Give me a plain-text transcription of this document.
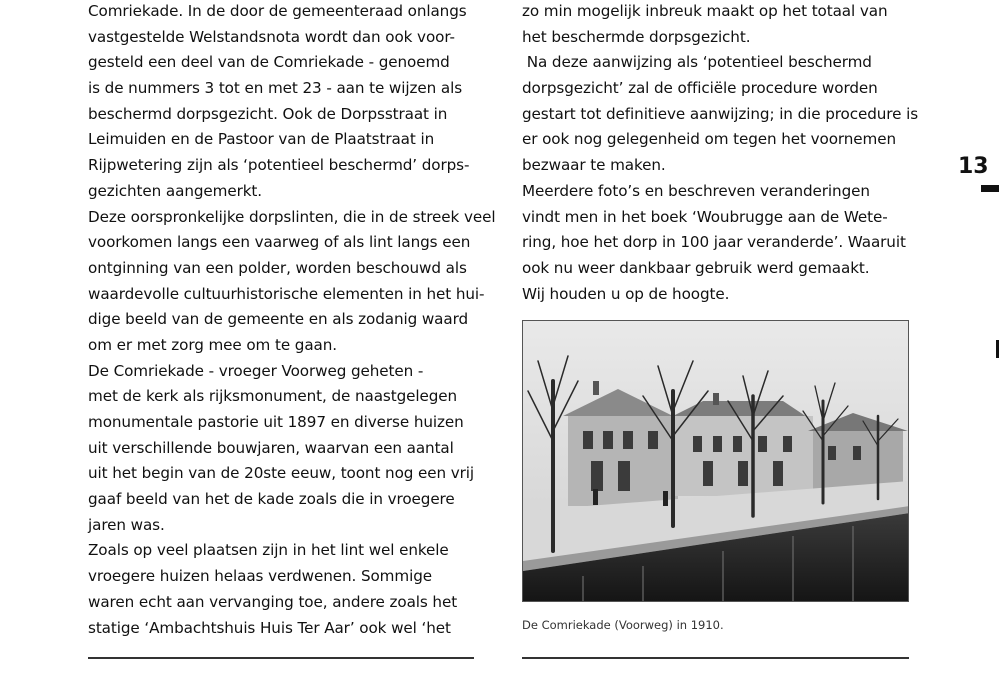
Comriekade. In de door de gemeenteraad onlangs
vastgestelde Welstandsnota wordt dan ook voor-
gesteld een deel van de Comriekade - genoemd
is de nummers 3 tot en met 23 - aan te wijzen als
beschermd dorpsgezicht. Ook de Dorpsstraat in
Leimuiden en de Pastoor van de Plaatstraat in
Rijpwetering zijn als ‘potentieel beschermd’ dorps-
gezichten aangemerkt.
Deze oorspronkelijke dorpslinten, die in de streek veel
voorkomen langs een vaarweg of als lint langs een
ontginning van een polder, worden beschouwd als
waardevolle cultuurhistorische elementen in het hui-
dige beeld van de gemeente en als zodanig waard
om er met zorg mee om te gaan.
De Comriekade - vroeger Voorweg geheten -
met de kerk als rijksmonument, de naastgelegen
monumentale pastorie uit 1897 en diverse huizen
uit verschillende bouwjaren, waarvan een aantal
uit het begin van de 20ste eeuw, toont nog een vrij
gaaf beeld van het de kade zoals die in vroegere
jaren was.
Zoals op veel plaatsen zijn in het lint wel enkele
vroegere huizen helaas verdwenen. Sommige
waren echt aan vervanging toe, andere zoals het
statige ‘Ambachtshuis Huis Ter Aar’ ook wel ‘het
zo min mogelijk inbreuk maakt op het totaal van
het beschermde dorpsgezicht.
Na deze aanwijzing als ‘potentieel beschermd
dorpsgezicht’ zal de officiële procedure worden
gestart tot definitieve aanwijzing; in die procedure is
er ook nog gelegenheid om tegen het voornemen
bezwaar te maken.
Meerdere foto’s en beschreven veranderingen
vindt men in het boek ‘Woubrugge aan de Wete-
ring, hoe het dorp in 100 jaar veranderde’. Waaruit
ook nu weer dankbaar gebruik werd gemaakt.
Wij houden u op de hoogte.
13
De Comriekade (Voorweg) in 1910.
